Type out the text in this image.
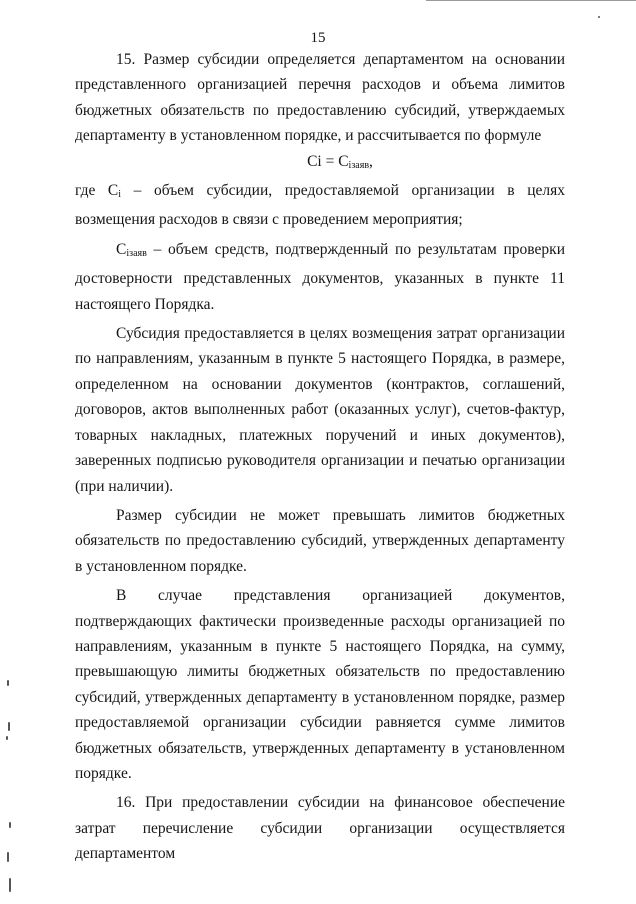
15

15. Размер субсидии определяется департаментом на основании представленного организацией перечня расходов и объема лимитов бюджетных обязательств по предоставлению субсидий, утверждаемых департаменту в установленном порядке, и рассчитывается по формуле

$Ci = C_{iзаяв}$,

где $C_i$ – объем субсидии, предоставляемой организации в целях возмещения расходов в связи с проведением мероприятия;

$C_{iзаяв}$ – объем средств, подтвержденный по результатам проверки достоверности представленных документов, указанных в пункте 11 настоящего Порядка.

Субсидия предоставляется в целях возмещения затрат организации по направлениям, указанным в пункте 5 настоящего Порядка, в размере, определенном на основании документов (контрактов, соглашений, договоров, актов выполненных работ (оказанных услуг), счетов-фактур, товарных накладных, платежных поручений и иных документов), заверенных подписью руководителя организации и печатью организации (при наличии).

Размер субсидии не может превышать лимитов бюджетных обязательств по предоставлению субсидий, утвержденных департаменту в установленном порядке.

В случае представления организацией документов, подтверждающих фактически произведенные расходы организацией по направлениям, указанным в пункте 5 настоящего Порядка, на сумму, превышающую лимиты бюджетных обязательств по предоставлению субсидий, утвержденных департаменту в установленном порядке, размер предоставляемой организации субсидии равняется сумме лимитов бюджетных обязательств, утвержденных департаменту в установленном порядке.

16. При предоставлении субсидии на финансовое обеспечение затрат перечисление субсидии организации осуществляется департаментом
